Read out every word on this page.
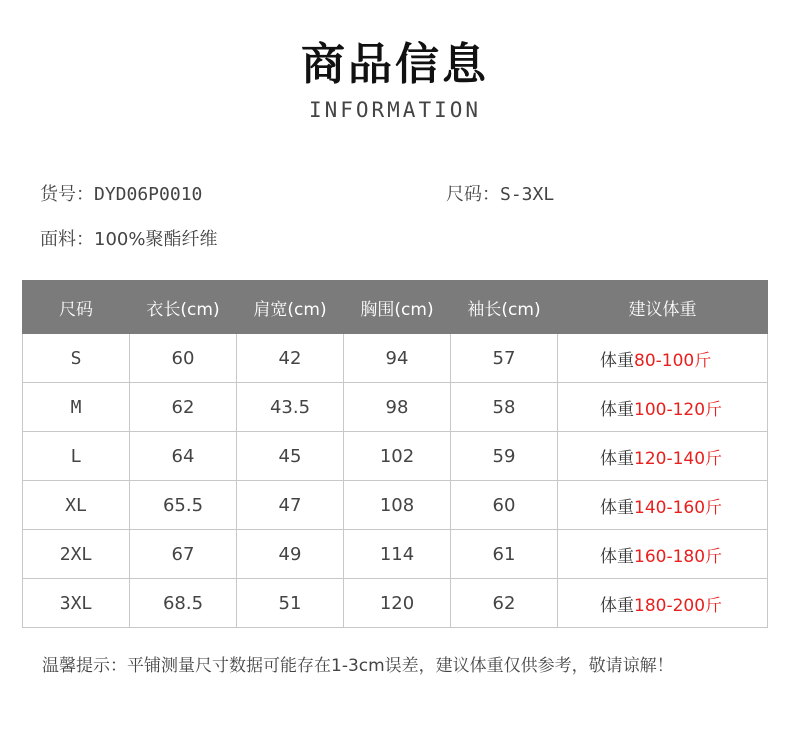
商品信息
INFORMATION
货号：DYD06P0010	尺码：S-3XL
面料：100%聚酯纤维
尺码	衣长(cm)	肩宽(cm)	胸围(cm)	袖长(cm)	建议体重
S	60	42	94	57	体重80-100斤
M	62	43.5	98	58	体重100-120斤
L	64	45	102	59	体重120-140斤
XL	65.5	47	108	60	体重140-160斤
2XL	67	49	114	61	体重160-180斤
3XL	68.5	51	120	62	体重180-200斤
温馨提示：平铺测量尺寸数据可能存在1-3cm误差，建议体重仅供参考，敬请谅解！
